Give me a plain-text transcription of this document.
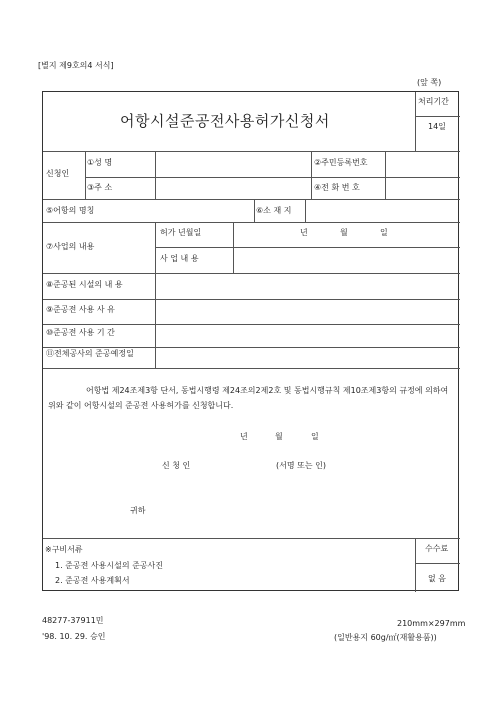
[별지 제9호의4 서식]
(앞 쪽)
어항시설준공전사용허가신청서
처리기간
14일
신청인
①성 명	②주민등록번호
③주 소	④전 화 번 호
⑤어항의 명칭	⑥소 재 지
⑦사업의 내용
허가 년월일	년	월	일
사 업 내 용
⑧준공된 시설의 내 용
⑨준공전 사용 사 유
⑩준공전 사용 기 간
⑪전체공사의 준공예정일
어항법 제24조제3항 단서, 동법시행령 제24조의2제2호 및 동법시행규칙 제10조제3항의 규정에 의하여 위와 같이 어항시설의 준공전 사용허가를 신청합니다.
년	월	일
신 청 인	(서명 또는 인)
귀하
※구비서류
1. 준공전 사용시설의 준공사진
2. 준공전 사용계획서
수수료
없 음
48277-37911민
'98. 10. 29. 승인
210mm×297mm
(일반용지 60g/㎡(재활용품))
